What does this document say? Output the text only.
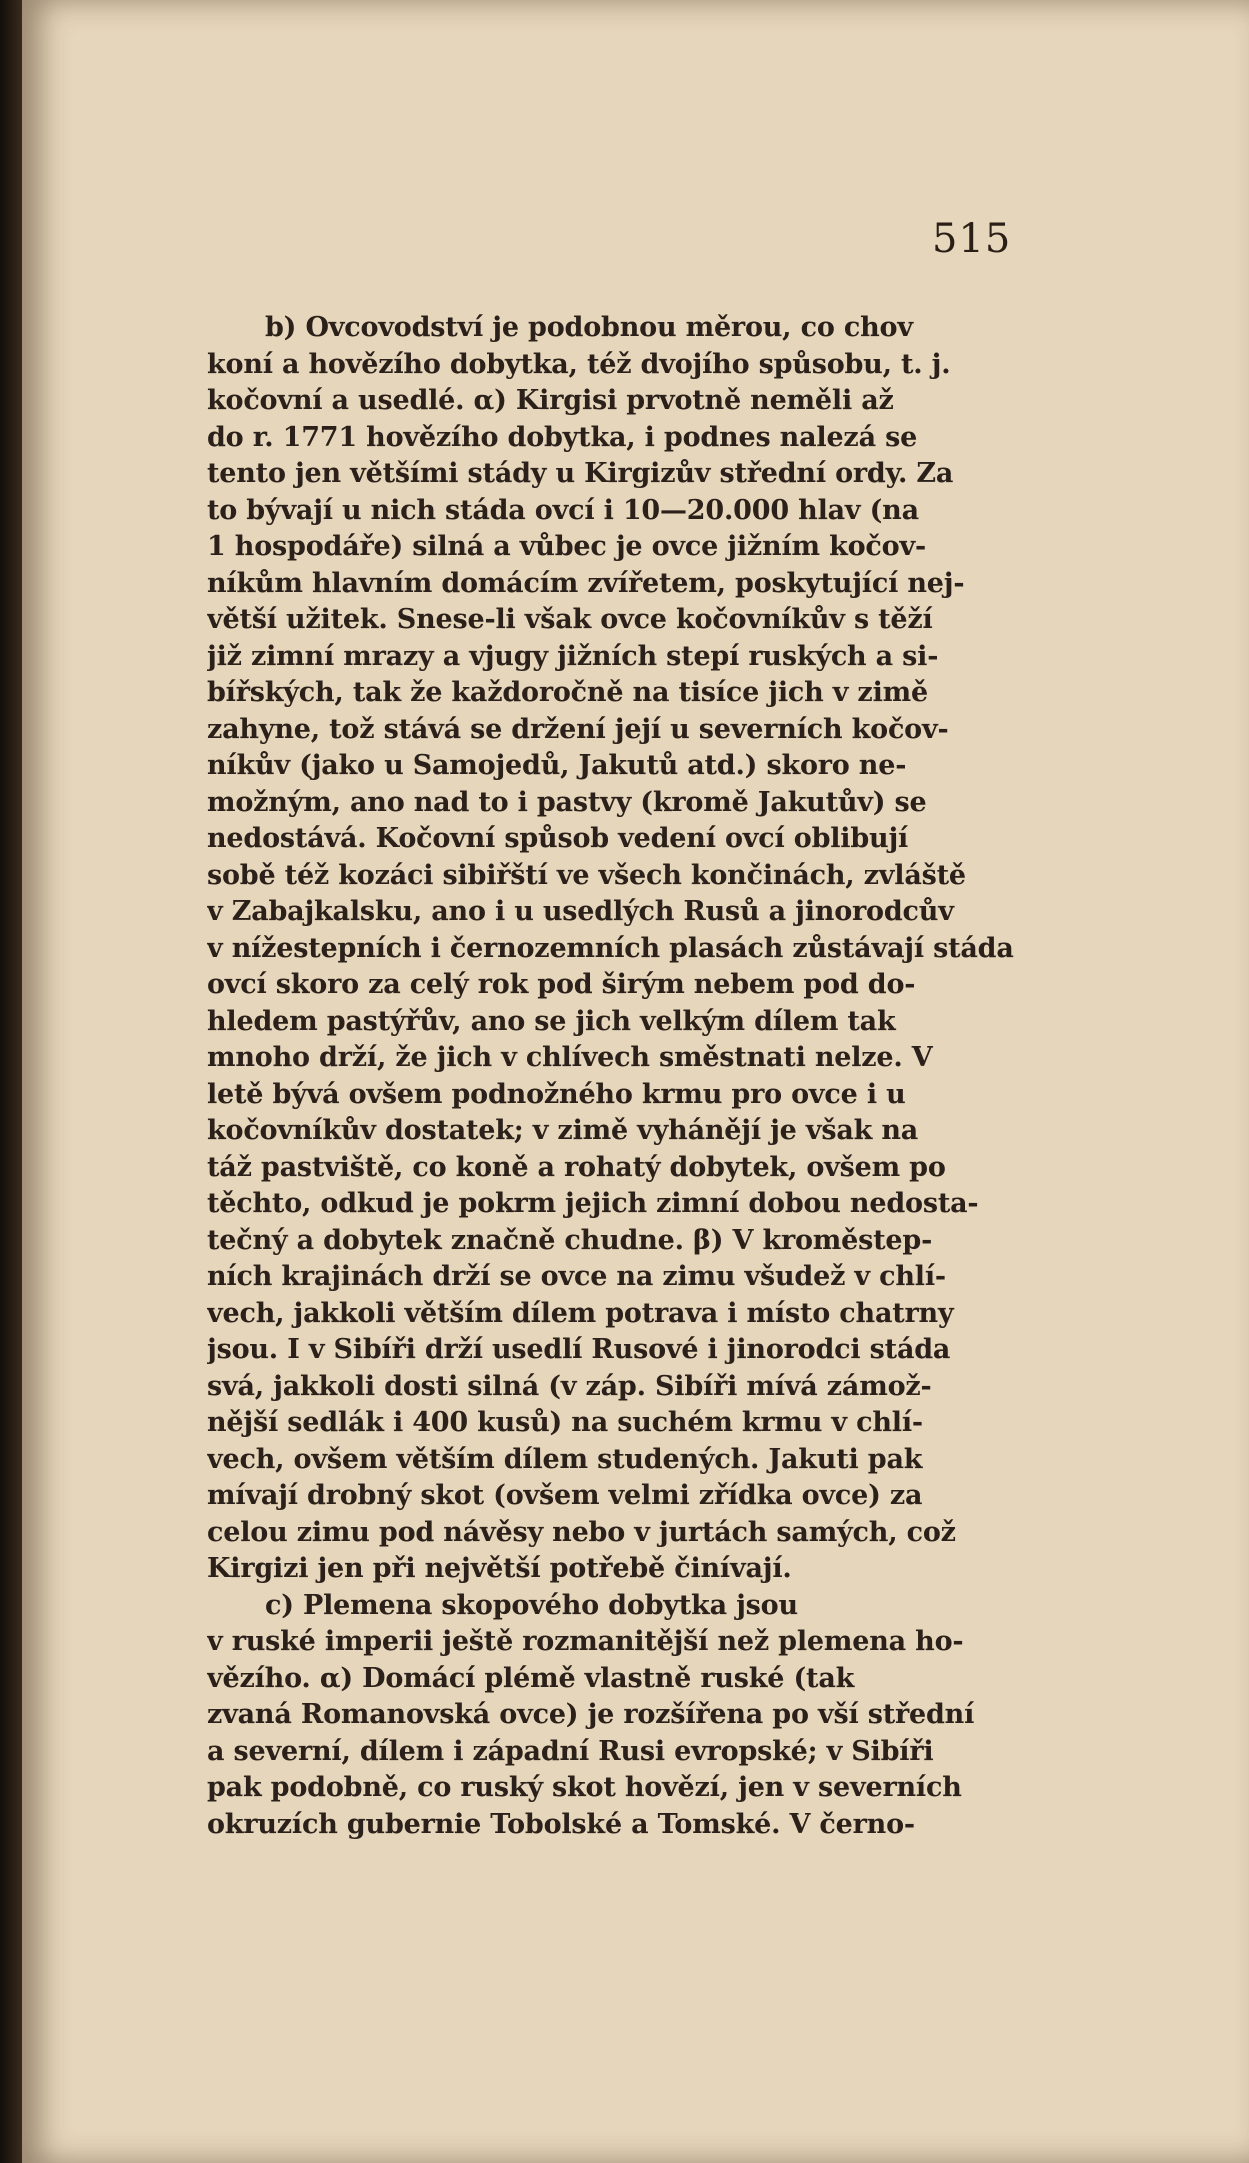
515
b) Ovcovodství je podobnou měrou, co chov
koní a hovězího dobytka, též dvojího spůsobu, t. j.
kočovní a usedlé. α) Kirgisi prvotně neměli až
do r. 1771 hovězího dobytka, i podnes nalezá se
tento jen většími stády u Kirgizův střední ordy. Za
to bývají u nich stáda ovcí i 10—20.000 hlav (na
1 hospodáře) silná a vůbec je ovce jižním kočov-
níkům hlavním domácím zvířetem, poskytující nej-
větší užitek. Snese-li však ovce kočovníkův s těží
již zimní mrazy a vjugy jižních stepí ruských a si-
bířských, tak že každoročně na tisíce jich v zimě
zahyne, tož stává se držení její u severních kočov-
níkův (jako u Samojedů, Jakutů atd.) skoro ne-
možným, ano nad to i pastvy (kromě Jakutův) se
nedostává. Kočovní spůsob vedení ovcí oblibují
sobě též kozáci sibiřští ve všech končinách, zvláště
v Zabajkalsku, ano i u usedlých Rusů a jinorodcův
v nížestepních i černozemních plasách zůstávají stáda
ovcí skoro za celý rok pod širým nebem pod do-
hledem pastýřův, ano se jich velkým dílem tak
mnoho drží, že jich v chlívech směstnati nelze. V
letě bývá ovšem podnožného krmu pro ovce i u
kočovníkův dostatek; v zimě vyhánějí je však na
táž pastviště, co koně a rohatý dobytek, ovšem po
těchto, odkud je pokrm jejich zimní dobou nedosta-
tečný a dobytek značně chudne. β) V kroměstep-
ních krajinách drží se ovce na zimu všudež v chlí-
vech, jakkoli větším dílem potrava i místo chatrny
jsou. I v Sibíři drží usedlí Rusové i jinorodci stáda
svá, jakkoli dosti silná (v záp. Sibíři mívá zámož-
nější sedlák i 400 kusů) na suchém krmu v chlí-
vech, ovšem větším dílem studených. Jakuti pak
mívají drobný skot (ovšem velmi zřídka ovce) za
celou zimu pod návěsy nebo v jurtách samých, což
Kirgizi jen při největší potřebě činívají.
c) Plemena skopového dobytka jsou
v ruské imperii ještě rozmanitější než plemena ho-
vězího. α) Domácí plémě vlastně ruské (tak
zvaná Romanovská ovce) je rozšířena po vší střední
a severní, dílem i západní Rusi evropské; v Sibíři
pak podobně, co ruský skot hovězí, jen v severních
okruzích gubernie Tobolské a Tomské. V černo-
